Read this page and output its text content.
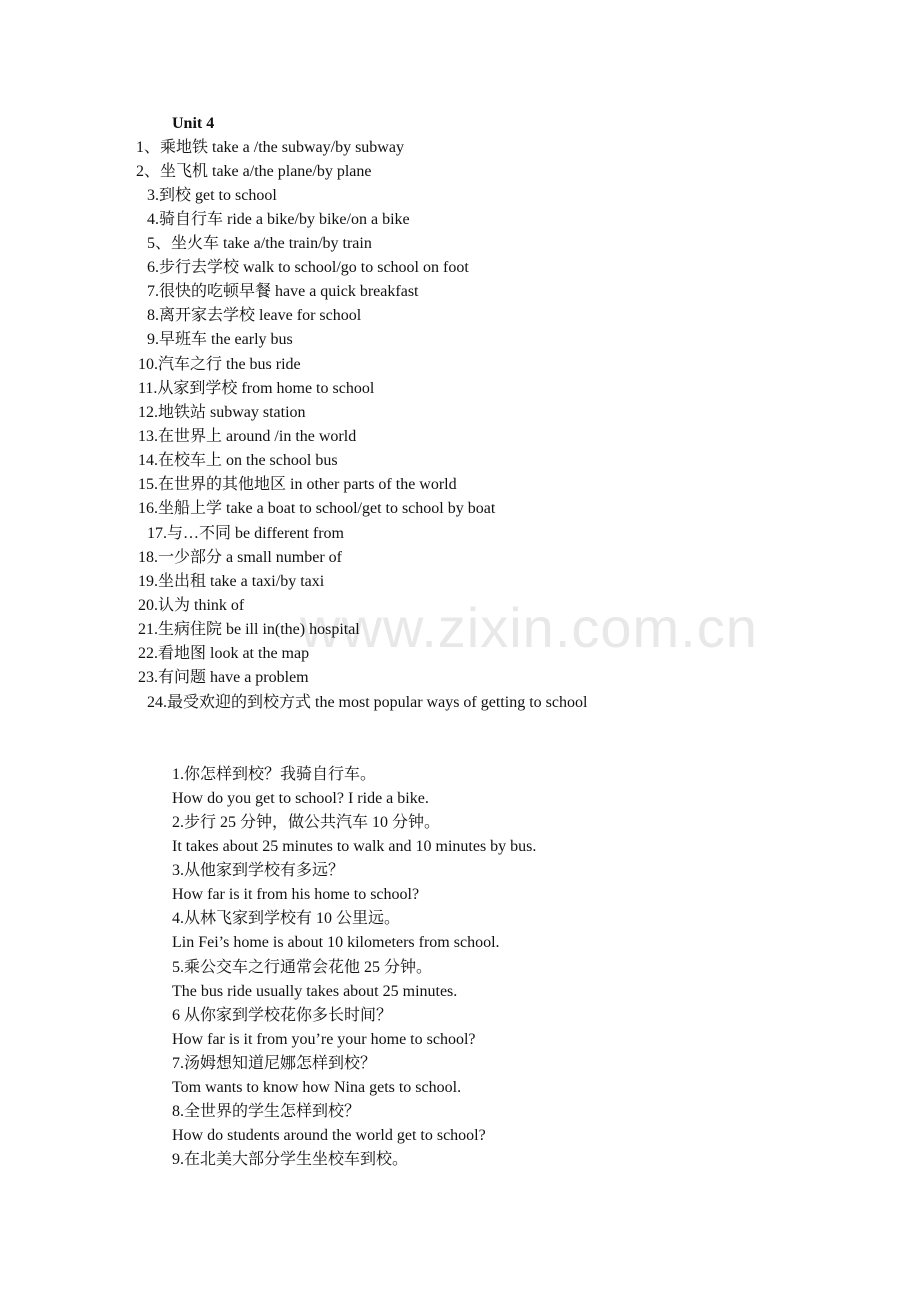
www.zixin.com.cn
Unit 4
1、乘地铁 take a /the subway/by subway
2、坐飞机 take a/the plane/by plane
3.到校 get to school
4.骑自行车 ride a bike/by bike/on a bike
5、坐火车 take a/the train/by train
6.步行去学校 walk to school/go to school on foot
7.很快的吃顿早餐 have a quick breakfast
8.离开家去学校 leave for school
9.早班车 the early bus
10.汽车之行 the bus ride
11.从家到学校 from home to school
12.地铁站 subway station
13.在世界上 around /in the world
14.在校车上 on the school bus
15.在世界的其他地区 in other parts of the world
16.坐船上学 take a boat to school/get to school by boat
17.与…不同 be different from
18.一少部分 a small number of
19.坐出租 take a taxi/by taxi
20.认为 think of
21.生病住院 be ill in(the) hospital
22.看地图 look at the map
23.有问题 have a problem
24.最受欢迎的到校方式 the most popular ways of getting to school
1.你怎样到校？我骑自行车。
How do you get to school? I ride a bike.
2.步行 25 分钟，做公共汽车 10 分钟。
It takes about 25 minutes to walk and 10 minutes by bus.
3.从他家到学校有多远？
How far is it from his home to school?
4.从林飞家到学校有 10 公里远。
Lin Fei’s home is about 10 kilometers from school.
5.乘公交车之行通常会花他 25 分钟。
The bus ride usually takes about 25 minutes.
6 从你家到学校花你多长时间？
How far is it from you’re your home to school?
7.汤姆想知道尼娜怎样到校？
Tom wants to know how Nina gets to school.
8.全世界的学生怎样到校？
How do students around the world get to school?
9.在北美大部分学生坐校车到校。
